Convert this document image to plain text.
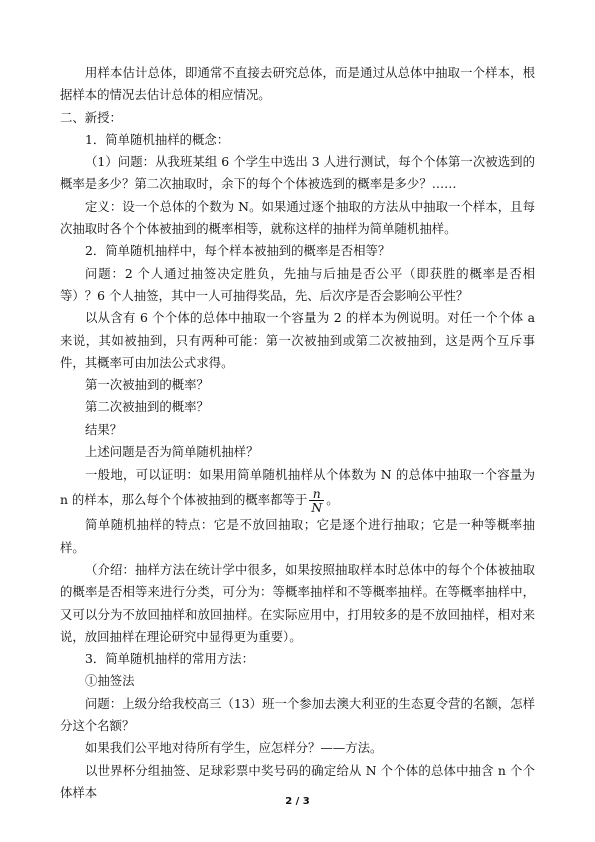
用样本估计总体，即通常不直接去研究总体，而是通过从总体中抽取一个样本，根据样本的情况去估计总体的相应情况。

二、新授：

1．简单随机抽样的概念：

（1）问题：从我班某组 6 个学生中选出 3 人进行测试，每个个体第一次被选到的概率是多少？第二次抽取时，余下的每个个体被选到的概率是多少？……

定义：设一个总体的个数为 N。如果通过逐个抽取的方法从中抽取一个样本，且每次抽取时各个个体被抽到的概率相等，就称这样的抽样为简单随机抽样。

2．简单随机抽样中，每个样本被抽到的概率是否相等？

问题：2 个人通过抽签决定胜负，先抽与后抽是否公平（即获胜的概率是否相等）？6 个人抽签，其中一人可抽得奖品，先、后次序是否会影响公平性？

以从含有 6 个个体的总体中抽取一个容量为 2 的样本为例说明。对任一个个体 a 来说，其如被抽到，只有两种可能：第一次被抽到或第二次被抽到，这是两个互斥事件，其概率可由加法公式求得。

第一次被抽到的概率？

第二次被抽到的概率？

结果？

上述问题是否为简单随机抽样？

一般地，可以证明：如果用简单随机抽样从个体数为 N 的总体中抽取一个容量为 n 的样本，那么每个个体被抽到的概率都等于 $\frac{n}{N}$ 。

简单随机抽样的特点：它是不放回抽取；它是逐个进行抽取；它是一种等概率抽样。

（介绍：抽样方法在统计学中很多，如果按照抽取样本时总体中的每个个体被抽取的概率是否相等来进行分类，可分为：等概率抽样和不等概率抽样。在等概率抽样中，又可以分为不放回抽样和放回抽样。在实际应用中，打用较多的是不放回抽样，相对来说，放回抽样在理论研究中显得更为重要）。

3．简单随机抽样的常用方法：

①抽签法

问题：上级分给我校高三（13）班一个参加去澳大利亚的生态夏令营的名额，怎样分这个名额？

如果我们公平地对待所有学生，应怎样分？——方法。

以世界杯分组抽签、足球彩票中奖号码的确定给从 N 个个体的总体中抽含 n 个个体样本

2 / 3
